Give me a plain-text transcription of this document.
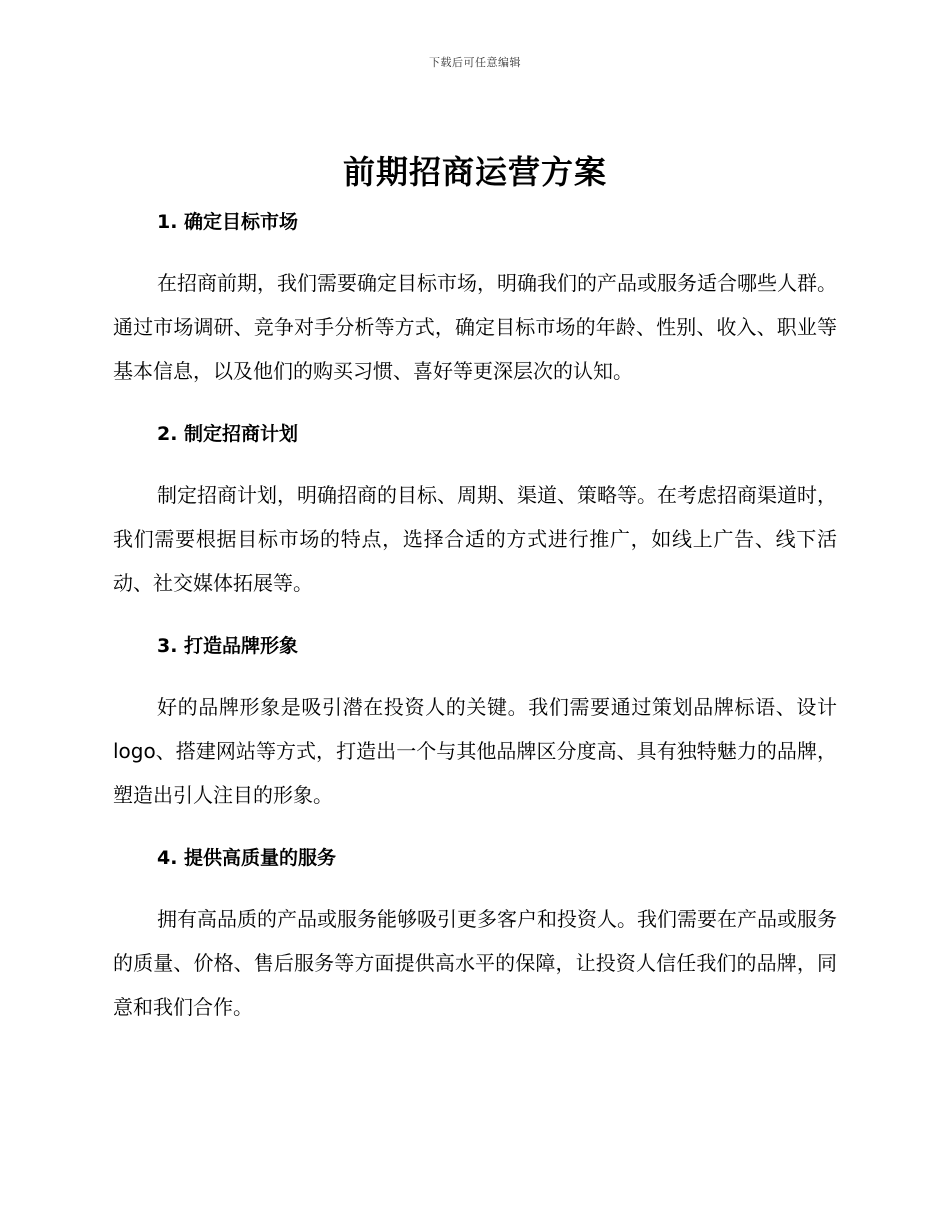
下载后可任意编辑
前期招商运营方案
1. 确定目标市场

在招商前期，我们需要确定目标市场，明确我们的产品或服务适合哪些人群。通过市场调研、竞争对手分析等方式，确定目标市场的年龄、性别、收入、职业等基本信息，以及他们的购买习惯、喜好等更深层次的认知。

2. 制定招商计划

制定招商计划，明确招商的目标、周期、渠道、策略等。在考虑招商渠道时，我们需要根据目标市场的特点，选择合适的方式进行推广，如线上广告、线下活动、社交媒体拓展等。

3. 打造品牌形象

好的品牌形象是吸引潜在投资人的关键。我们需要通过策划品牌标语、设计 logo、搭建网站等方式，打造出一个与其他品牌区分度高、具有独特魅力的品牌，塑造出引人注目的形象。

4. 提供高质量的服务

拥有高品质的产品或服务能够吸引更多客户和投资人。我们需要在产品或服务的质量、价格、售后服务等方面提供高水平的保障，让投资人信任我们的品牌，同意和我们合作。
